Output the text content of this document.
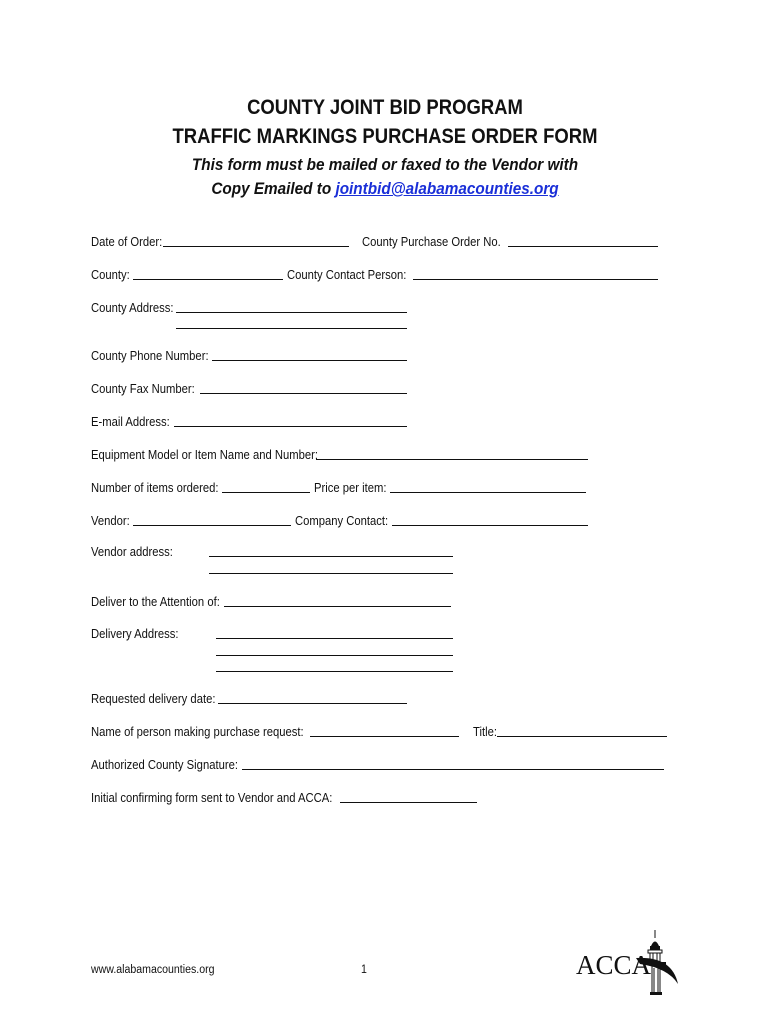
COUNTY JOINT BID PROGRAM
TRAFFIC MARKINGS PURCHASE ORDER FORM
This form must be mailed or faxed to the Vendor with
Copy Emailed to jointbid@alabamacounties.org
Date of Order:	County Purchase Order No.
County:	County Contact Person:
County Address:
County Phone Number:
County Fax Number:
E-mail Address:
Equipment Model or Item Name and Number:
Number of items ordered:	Price per item:
Vendor:	Company Contact:
Vendor address:
Deliver to the Attention of:
Delivery Address:
Requested delivery date:
Name of person making purchase request:	Title:
Authorized County Signature:
Initial confirming form sent to Vendor and ACCA:
www.alabamacounties.org	1	ACCA
